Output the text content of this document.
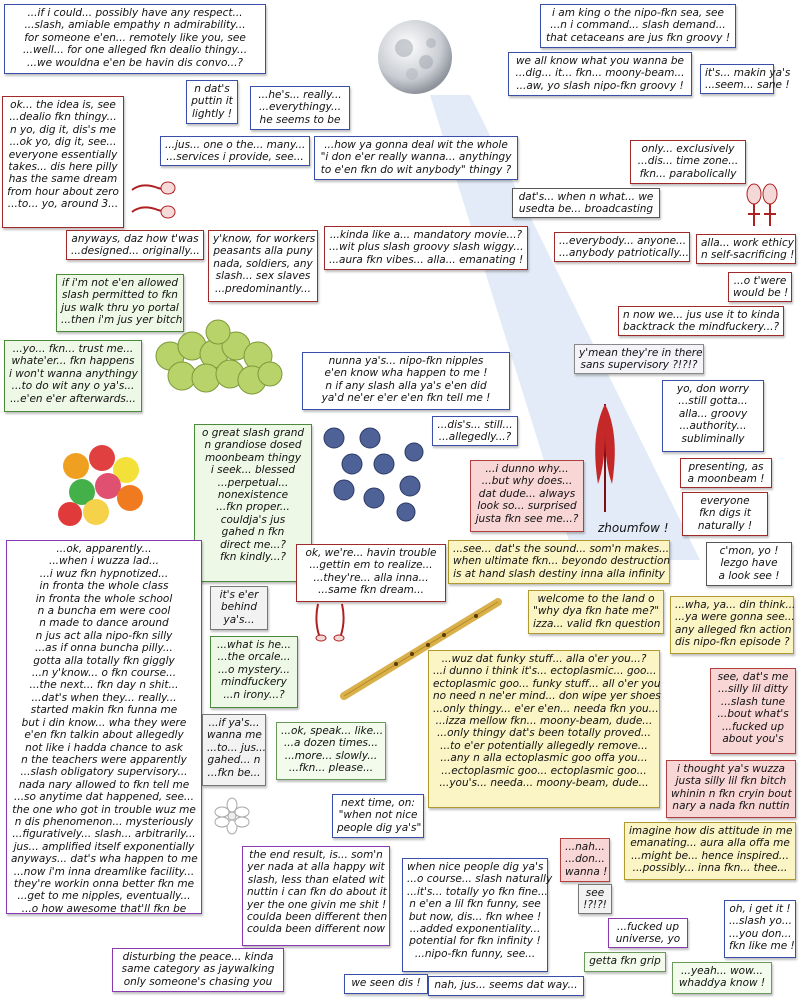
zhoumfow !
...if i could... possibly have any respect...
...slash, amiable empathy n admirability...
for someone e'en... remotely like you, see
...well... for one alleged fkn dealio thingy...
...we wouldna e'en be havin dis convo...?
i am king o the nipo-fkn sea, see
...n i command... slash demand...
that cetaceans are jus fkn groovy !
we all know what you wanna be
...dig... it... fkn... moony-beam...
...aw, yo slash nipo-fkn groovy !
it's... makin ya's
...seem... sane !
n dat's
puttin it
lightly !
...he's... really...
...everythingy...
he seems to be
ok... the idea is, see
...dealio fkn thingy...
n yo, dig it, dis's me
...ok yo, dig it, see...
everyone essentially
takes... dis here pilly
has the same dream
from hour about zero
...to... yo, around 3...
...jus... one o the... many...
...services i provide, see...
...how ya gonna deal wit the whole
"i don e'er really wanna... anythingy
to e'en fkn do wit anybody" thingy ?
only... exclusively
...dis... time zone...
fkn... parabolically
dat's... when n what... we
usedta be... broadcasting
anyways, daz how t'was
...designed... originally...
y'know, for workers
peasants alla puny
nada, soldiers, any
slash... sex slaves
...predominantly...
...kinda like a... mandatory movie...?
...wit plus slash groovy slash wiggy...
...aura fkn vibes... alla... emanating !
...everybody... anyone...
...anybody patriotically...
alla... work ethicy
n self-sacrificing !
if i'm not e'en allowed
slash permitted to fkn
jus walk thru yo portal
...then i'm jus yer bitch
...o t'were
would be !
n now we... jus use it to kinda
backtrack the mindfuckery...?
y'mean they're in there
sans supervisory ?!?!?
...yo... fkn... trust me...
whate'er... fkn happens
i won't wanna anythingy
...to do wit any o ya's...
...e'en e'er afterwards...
nunna ya's... nipo-fkn nipples
e'en know wha happen to me !
n if any slash alla ya's e'en did
ya'd ne'er e'er e'en fkn tell me !
yo, don worry
...still gotta...
alla... groovy
...authority...
subliminally
...dis's... still...
...allegedly...?
o great slash grand
n grandiose dosed
moonbeam thingy
i seek... blessed
...perpetual...
nonexistence
...fkn proper...
couldja's jus
gahed n fkn
direct me...?
fkn kindly...?
presenting, as
a moonbeam !
...i dunno why...
...but why does...
dat dude... always
look so... surprised
justa fkn see me...?
everyone
fkn digs it
naturally !
...see... dat's the sound... som'n makes...
when ultimate fkn... beyondo destruction
is at hand slash destiny inna alla infinity
c'mon, yo !
lezgo have
a look see !
...ok, apparently...
...when i wuzza lad...
...i wuz fkn hypnotized...
in fronta the whole class
in fronta the whole school
n a buncha em were cool
n made to dance around
n jus act alla nipo-fkn silly
...as if onna buncha pilly...
gotta alla totally fkn giggly
...n y'know... o fkn course...
...the next... fkn day n shit...
...dat's when they... really...
started makin fkn funna me
but i din know... wha they were
e'en fkn talkin about allegedly
not like i hadda chance to ask
n the teachers were apparently
...slash obligatory supervisory...
nada nary allowed to fkn tell me
...so anytime dat happened, see...
the one who got in trouble wuz me
n dis phenomenon... mysteriously
...figuratively... slash... arbitrarily...
jus... amplified itself exponentially
anyways... dat's wha happen to me
...now i'm inna dreamlike facility...
they're workin onna better fkn me
...get to me nipples, eventually...
...o how awesome that'll fkn be
it's e'er
behind
ya's...
ok, we're... havin trouble
...gettin em to realize...
...they're... alla inna...
...same fkn dream...
welcome to the land o
"why dya fkn hate me?"
izza... valid fkn question
...wha, ya... din think...
...ya were gonna see...
any alleged fkn action
dis nipo-fkn episode ?
...what is he...
...the orcale...
...o mystery...
mindfuckery
...n irony...?
...wuz dat funky stuff... alla o'er you...?
...i dunno i think it's... ectoplasmic... goo...
ectoplasmic goo... funky stuff... all o'er you
no need n ne'er mind... don wipe yer shoes
...only thingy... e'er e'en... needa fkn you...
...izza mellow fkn... moony-beam, dude...
...only thingy dat's been totally proved...
...to e'er potentially allegedly remove...
...any n alla ectoplasmic goo offa you...
...ectoplasmic goo... ectoplasmic goo...
...you's... needa... moony-beam, dude...
see, dat's me
...silly lil ditty
...slash tune
...bout what's
...fucked up
about you's
...if ya's...
wanna me
...to... jus...
gahed... n
...fkn be...
...ok, speak... like...
...a dozen times...
...more... slowly...
...fkn... please...	i thought ya's wuzza
justa silly lil fkn bitch
whinin n fkn cryin bout
nary a nada fkn nuttin
next time, on:
"when not nice
people dig ya's"	imagine how dis attitude in me
emanating... aura alla offa me
...might be... hence inspired...
...possibly... inna fkn... thee...
the end result, is... som'n
yer nada at alla happy wit
slash, less than elated wit
nuttin i can fkn do about it
yer the one givin me shit !
coulda been different then
coulda been different now
when nice people dig ya's
...o course... slash naturally
...it's... totally yo fkn fine...
n e'en a lil fkn funny, see
but now, dis... fkn whee !
...added exponentiality...
potential for fkn infinity !
...nipo-fkn funny, see...
...nah...
...don...
wanna !
see
!?!?!
...fucked up
universe, yo
oh, i get it !
...slash yo...
...you don...
fkn like me !
disturbing the peace... kinda
same category as jaywalking
only someone's chasing you	we seen dis !	nah, jus... seems dat way...
getta fkn grip
...yeah... wow...
whaddya know !
